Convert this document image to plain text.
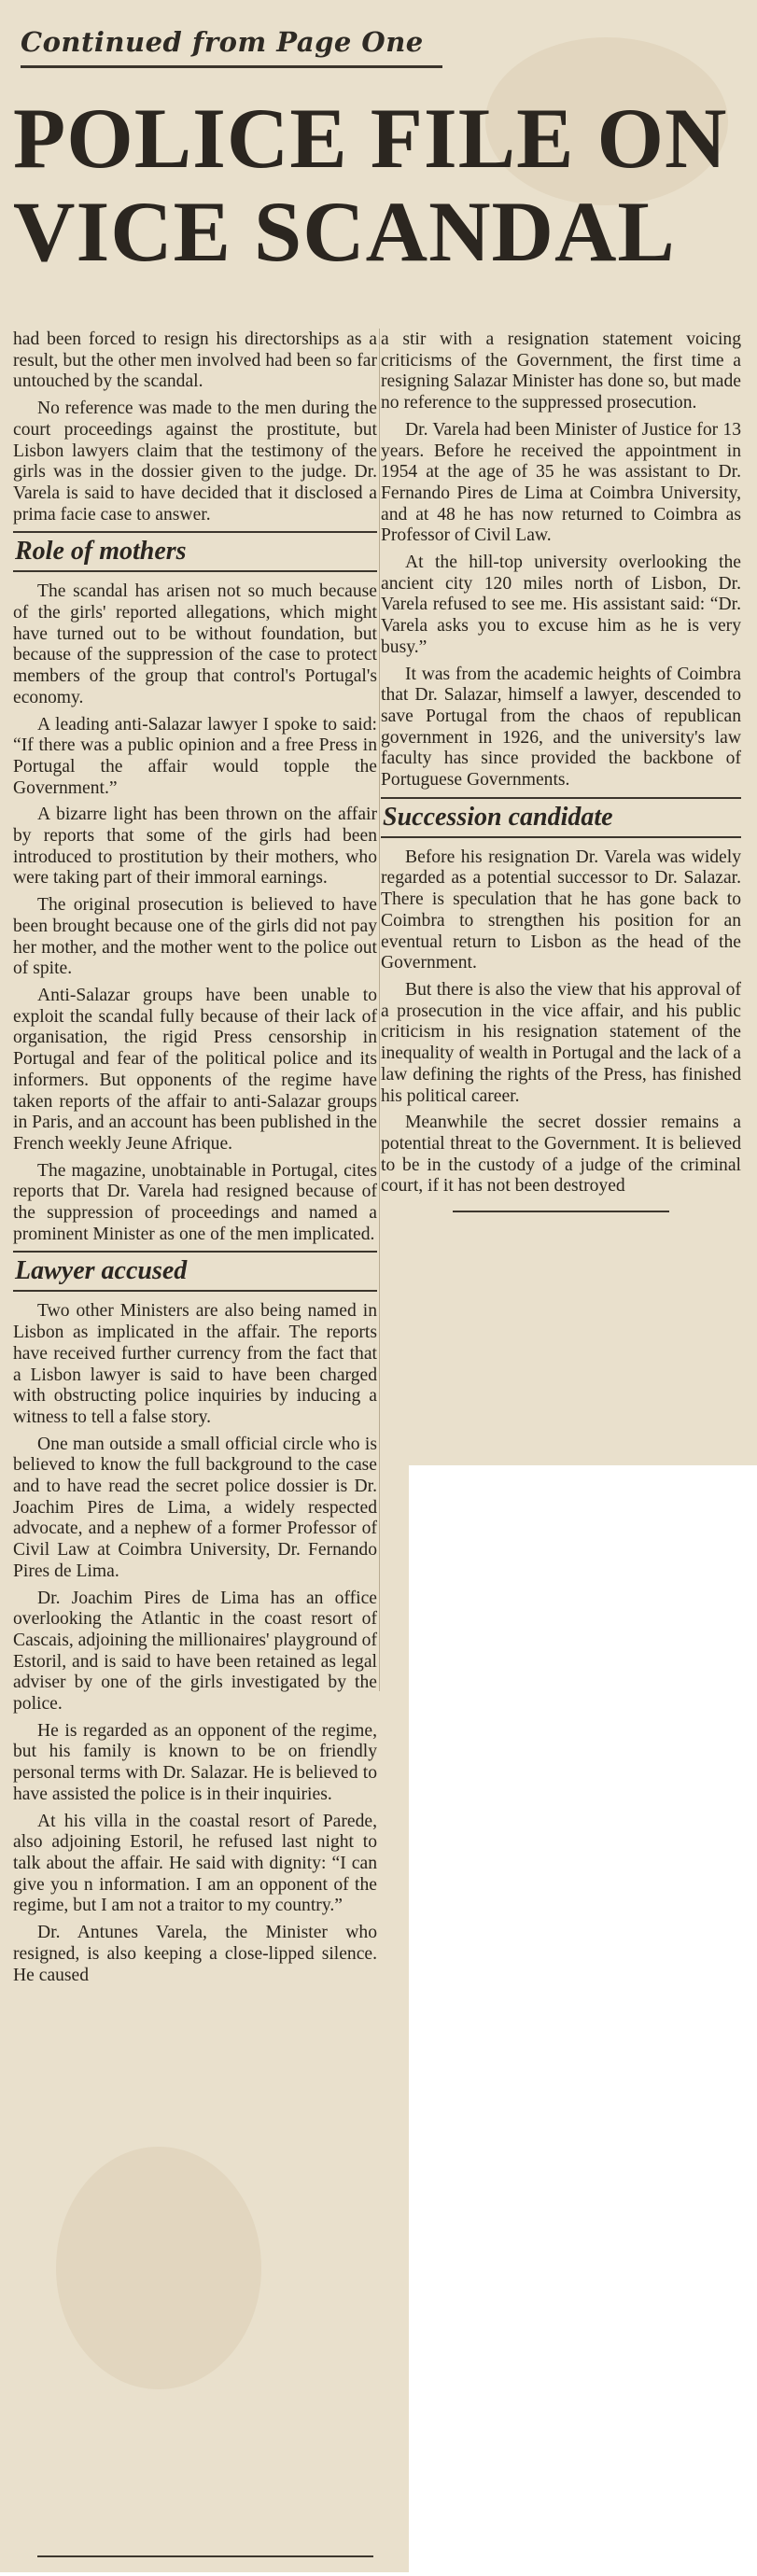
Continued from Page One
POLICE FILE ON VICE SCANDAL

had been forced to resign his directorships as a result, but the other men involved had been so far untouched by the scandal.

No reference was made to the men during the court proceedings against the prostitute, but Lisbon lawyers claim that the testimony of the girls was in the dossier given to the judge. Dr. Varela is said to have decided that it disclosed a prima facie case to answer.

Role of mothers

The scandal has arisen not so much because of the girls' reported allegations, which might have turned out to be without foundation, but because of the suppression of the case to protect members of the group that control's Portugal's economy.

A leading anti-Salazar lawyer I spoke to said: “If there was a public opinion and a free Press in Portugal the affair would topple the Government.”

A bizarre light has been thrown on the affair by reports that some of the girls had been introduced to prostitution by their mothers, who were taking part of their immoral earnings.

The original prosecution is believed to have been brought because one of the girls did not pay her mother, and the mother went to the police out of spite.

Anti-Salazar groups have been unable to exploit the scandal fully because of their lack of organisation, the rigid Press censorship in Portugal and fear of the political police and its informers. But opponents of the regime have taken reports of the affair to anti-Salazar groups in Paris, and an account has been published in the French weekly Jeune Afrique.

The magazine, unobtainable in Portugal, cites reports that Dr. Varela had resigned because of the suppression of proceedings and named a prominent Minister as one of the men implicated.

Lawyer accused

Two other Ministers are also being named in Lisbon as implicated in the affair. The reports have received further currency from the fact that a Lisbon lawyer is said to have been charged with obstructing police inquiries by inducing a witness to tell a false story.

One man outside a small official circle who is believed to know the full background to the case and to have read the secret police dossier is Dr. Joachim Pires de Lima, a widely respected advocate, and a nephew of a former Professor of Civil Law at Coimbra University, Dr. Fernando Pires de Lima.

Dr. Joachim Pires de Lima has an office overlooking the Atlantic in the coast resort of Cascais, adjoining the millionaires' playground of Estoril, and is said to have been retained as legal adviser by one of the girls investigated by the police.

He is regarded as an opponent of the regime, but his family is known to be on friendly personal terms with Dr. Salazar. He is believed to have assisted the police is in their inquiries.

At his villa in the coastal resort of Parede, also adjoining Estoril, he refused last night to talk about the affair. He said with dignity: “I can give you n information. I am an opponent of the regime, but I am not a traitor to my country.”

Dr. Antunes Varela, the Minister who resigned, is also keeping a close-lipped silence. He caused

a stir with a resignation statement voicing criticisms of the Government, the first time a resigning Salazar Minister has done so, but made no reference to the suppressed prosecution.

Dr. Varela had been Minister of Justice for 13 years. Before he received the appointment in 1954 at the age of 35 he was assistant to Dr. Fernando Pires de Lima at Coimbra University, and at 48 he has now returned to Coimbra as Professor of Civil Law.

At the hill-top university overlooking the ancient city 120 miles north of Lisbon, Dr. Varela refused to see me. His assistant said: “Dr. Varela asks you to excuse him as he is very busy.”

It was from the academic heights of Coimbra that Dr. Salazar, himself a lawyer, descended to save Portugal from the chaos of republican government in 1926, and the university's law faculty has since provided the backbone of Portuguese Governments.

Succession candidate

Before his resignation Dr. Varela was widely regarded as a potential successor to Dr. Salazar. There is speculation that he has gone back to Coimbra to strengthen his position for an eventual return to Lisbon as the head of the Government.

But there is also the view that his approval of a prosecution in the vice affair, and his public criticism in his resignation statement of the inequality of wealth in Portugal and the lack of a law defining the rights of the Press, has finished his political career.

Meanwhile the secret dossier remains a potential threat to the Government. It is believed to be in the custody of a judge of the criminal court, if it has not been destroyed
